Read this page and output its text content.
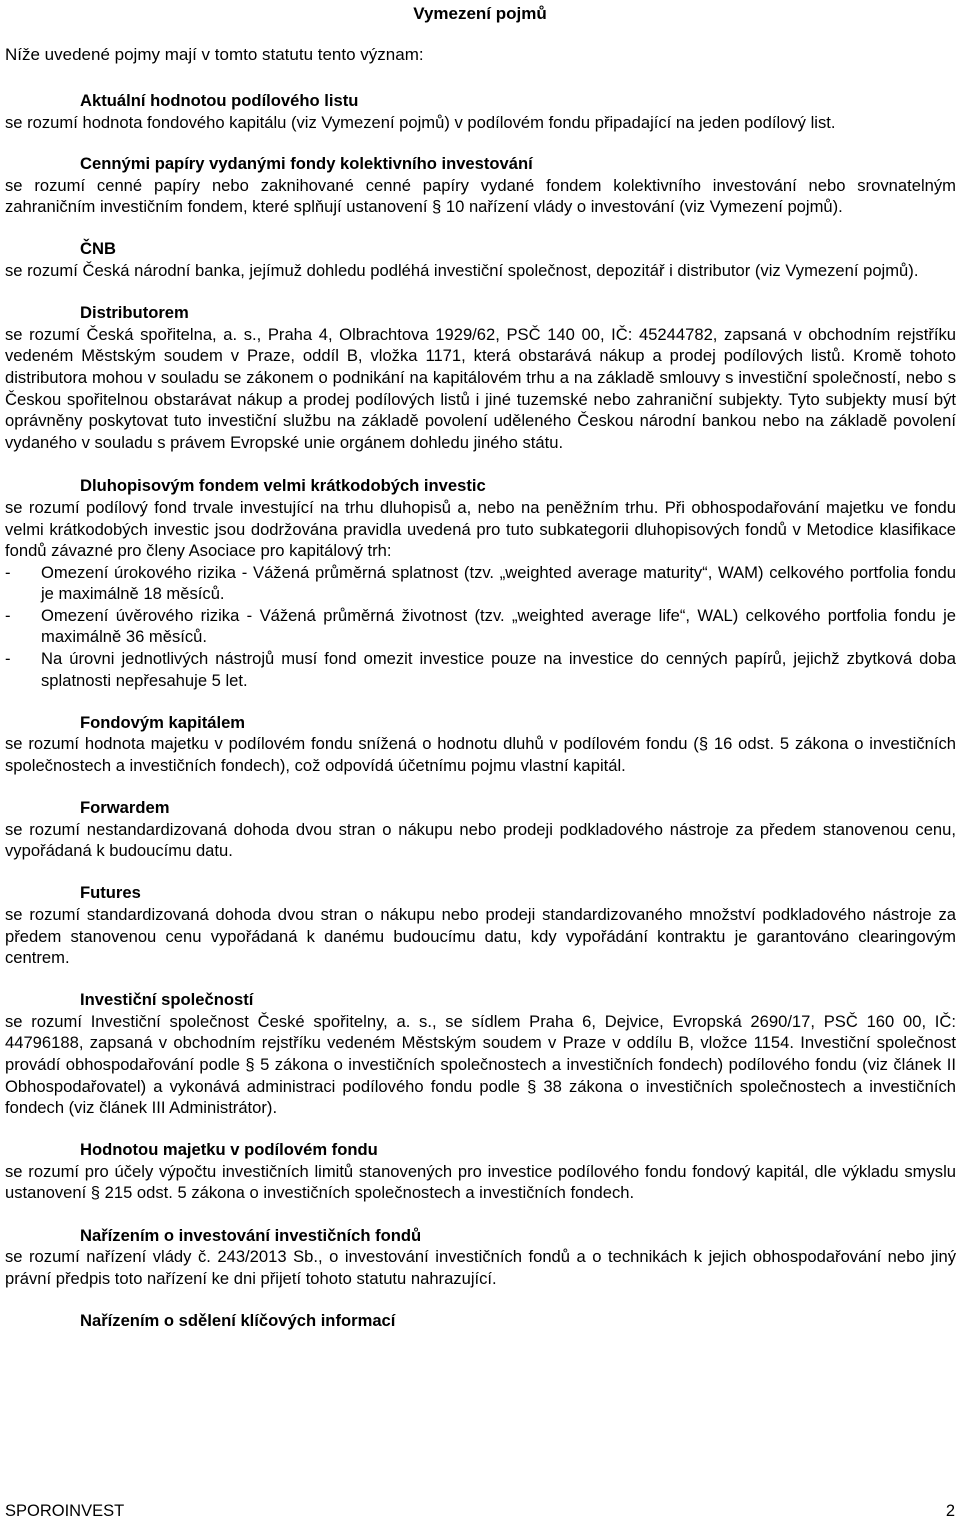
Vymezení pojmů

Níže uvedené pojmy mají v tomto statutu tento význam:

Aktuální hodnotou podílového listu

se rozumí hodnota fondového kapitálu (viz Vymezení pojmů) v podílovém fondu připadající na jeden podílový list.

Cennými papíry vydanými fondy kolektivního investování

se rozumí cenné papíry nebo zaknihované cenné papíry vydané fondem kolektivního investování nebo srovnatelným zahraničním investičním fondem, které splňují ustanovení § 10 nařízení vlády o investování (viz Vymezení pojmů).

ČNB

se rozumí Česká národní banka, jejímuž dohledu podléhá investiční společnost, depozitář i distributor (viz Vymezení pojmů).

Distributorem

se rozumí Česká spořitelna, a. s., Praha 4, Olbrachtova 1929/62, PSČ 140 00, IČ: 45244782, zapsaná v obchodním rejstříku vedeném Městským soudem v Praze, oddíl B, vložka 1171, která obstarává nákup a prodej podílových listů. Kromě tohoto distributora mohou v souladu se zákonem o podnikání na kapitálovém trhu a na základě smlouvy s investiční společností, nebo s Českou spořitelnou obstarávat nákup a prodej podílových listů i jiné tuzemské nebo zahraniční subjekty. Tyto subjekty musí být oprávněny poskytovat tuto investiční službu na základě povolení uděleného Českou národní bankou nebo na základě povolení vydaného v souladu s právem Evropské unie orgánem dohledu jiného státu.

Dluhopisovým fondem velmi krátkodobých investic

se rozumí podílový fond trvale investující na trhu dluhopisů a, nebo na peněžním trhu. Při obhospodařování majetku ve fondu velmi krátkodobých investic jsou dodržována pravidla uvedená pro tuto subkategorii dluhopisových fondů v Metodice klasifikace fondů závazné pro členy Asociace pro kapitálový trh:

- Omezení úrokového rizika - Vážená průměrná splatnost (tzv. „weighted average maturity“, WAM) celkového portfolia fondu je maximálně 18 měsíců.
- Omezení úvěrového rizika - Vážená průměrná životnost (tzv. „weighted average life“, WAL) celkového portfolia fondu je maximálně 36 měsíců.
- Na úrovni jednotlivých nástrojů musí fond omezit investice pouze na investice do cenných papírů, jejichž zbytková doba splatnosti nepřesahuje 5 let.

Fondovým kapitálem

se rozumí hodnota majetku v podílovém fondu snížená o hodnotu dluhů v podílovém fondu (§ 16 odst. 5 zákona o investičních společnostech a investičních fondech), což odpovídá účetnímu pojmu vlastní kapitál.

Forwardem

se rozumí nestandardizovaná dohoda dvou stran o nákupu nebo prodeji podkladového nástroje za předem stanovenou cenu, vypořádaná k budoucímu datu.

Futures

se rozumí standardizovaná dohoda dvou stran o nákupu nebo prodeji standardizovaného množství podkladového nástroje za předem stanovenou cenu vypořádaná k danému budoucímu datu, kdy vypořádání kontraktu je garantováno clearingovým centrem.

Investiční společností

se rozumí Investiční společnost České spořitelny, a. s., se sídlem Praha 6, Dejvice, Evropská 2690/17, PSČ 160 00, IČ: 44796188, zapsaná v obchodním rejstříku vedeném Městským soudem v Praze v oddílu B, vložce 1154. Investiční společnost provádí obhospodařování podle § 5 zákona o investičních společnostech a investičních fondech) podílového fondu (viz článek II Obhospodařovatel) a vykonává administraci podílového fondu podle § 38 zákona o investičních společnostech a investičních fondech (viz článek III Administrátor).

Hodnotou majetku v podílovém fondu

se rozumí pro účely výpočtu investičních limitů stanovených pro investice podílového fondu fondový kapitál, dle výkladu smyslu ustanovení § 215 odst. 5 zákona o investičních společnostech a investičních fondech.

Nařízením o investování investičních fondů

se rozumí nařízení vlády č. 243/2013 Sb., o investování investičních fondů a o technikách k jejich obhospodařování nebo jiný právní předpis toto nařízení ke dni přijetí tohoto statutu nahrazující.

Nařízením o sdělení klíčových informací

SPOROINVEST	2
